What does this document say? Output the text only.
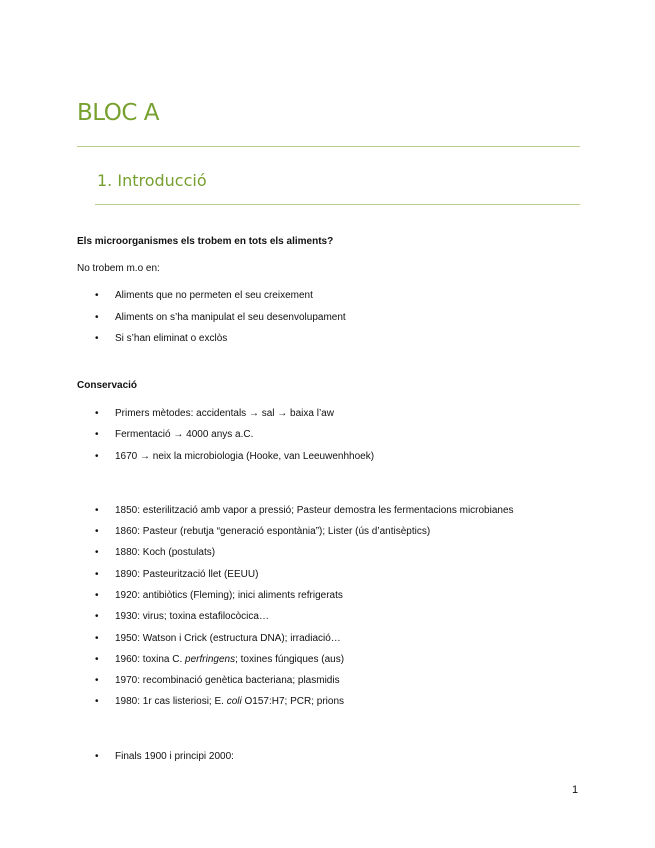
BLOC A
1. Introducció
Els microorganismes els trobem en tots els aliments?
No trobem m.o en:
• Aliments que no permeten el seu creixement
• Aliments on s’ha manipulat el seu desenvolupament
• Si s’han eliminat o exclòs
Conservació
• Primers mètodes: accidentals → sal → baixa l’aw
• Fermentació → 4000 anys a.C.
• 1670 → neix la microbiologia (Hooke, van Leeuwenhhoek)
• 1850: esterilització amb vapor a pressió; Pasteur demostra les fermentacions microbianes
• 1860: Pasteur (rebutja “generació espontània”); Lister (ús d’antisèptics)
• 1880: Koch (postulats)
• 1890: Pasteurització llet (EEUU)
• 1920: antibiòtics (Fleming); inici aliments refrigerats
• 1930: virus; toxina estafilocòcica…
• 1950: Watson i Crick (estructura DNA); irradiació…
• 1960: toxina C. perfringens; toxines fúngiques (aus)
• 1970: recombinació genètica bacteriana; plasmidis
• 1980: 1r cas listeriosi; E. coli O157:H7; PCR; prions
• Finals 1900 i principi 2000:
1
